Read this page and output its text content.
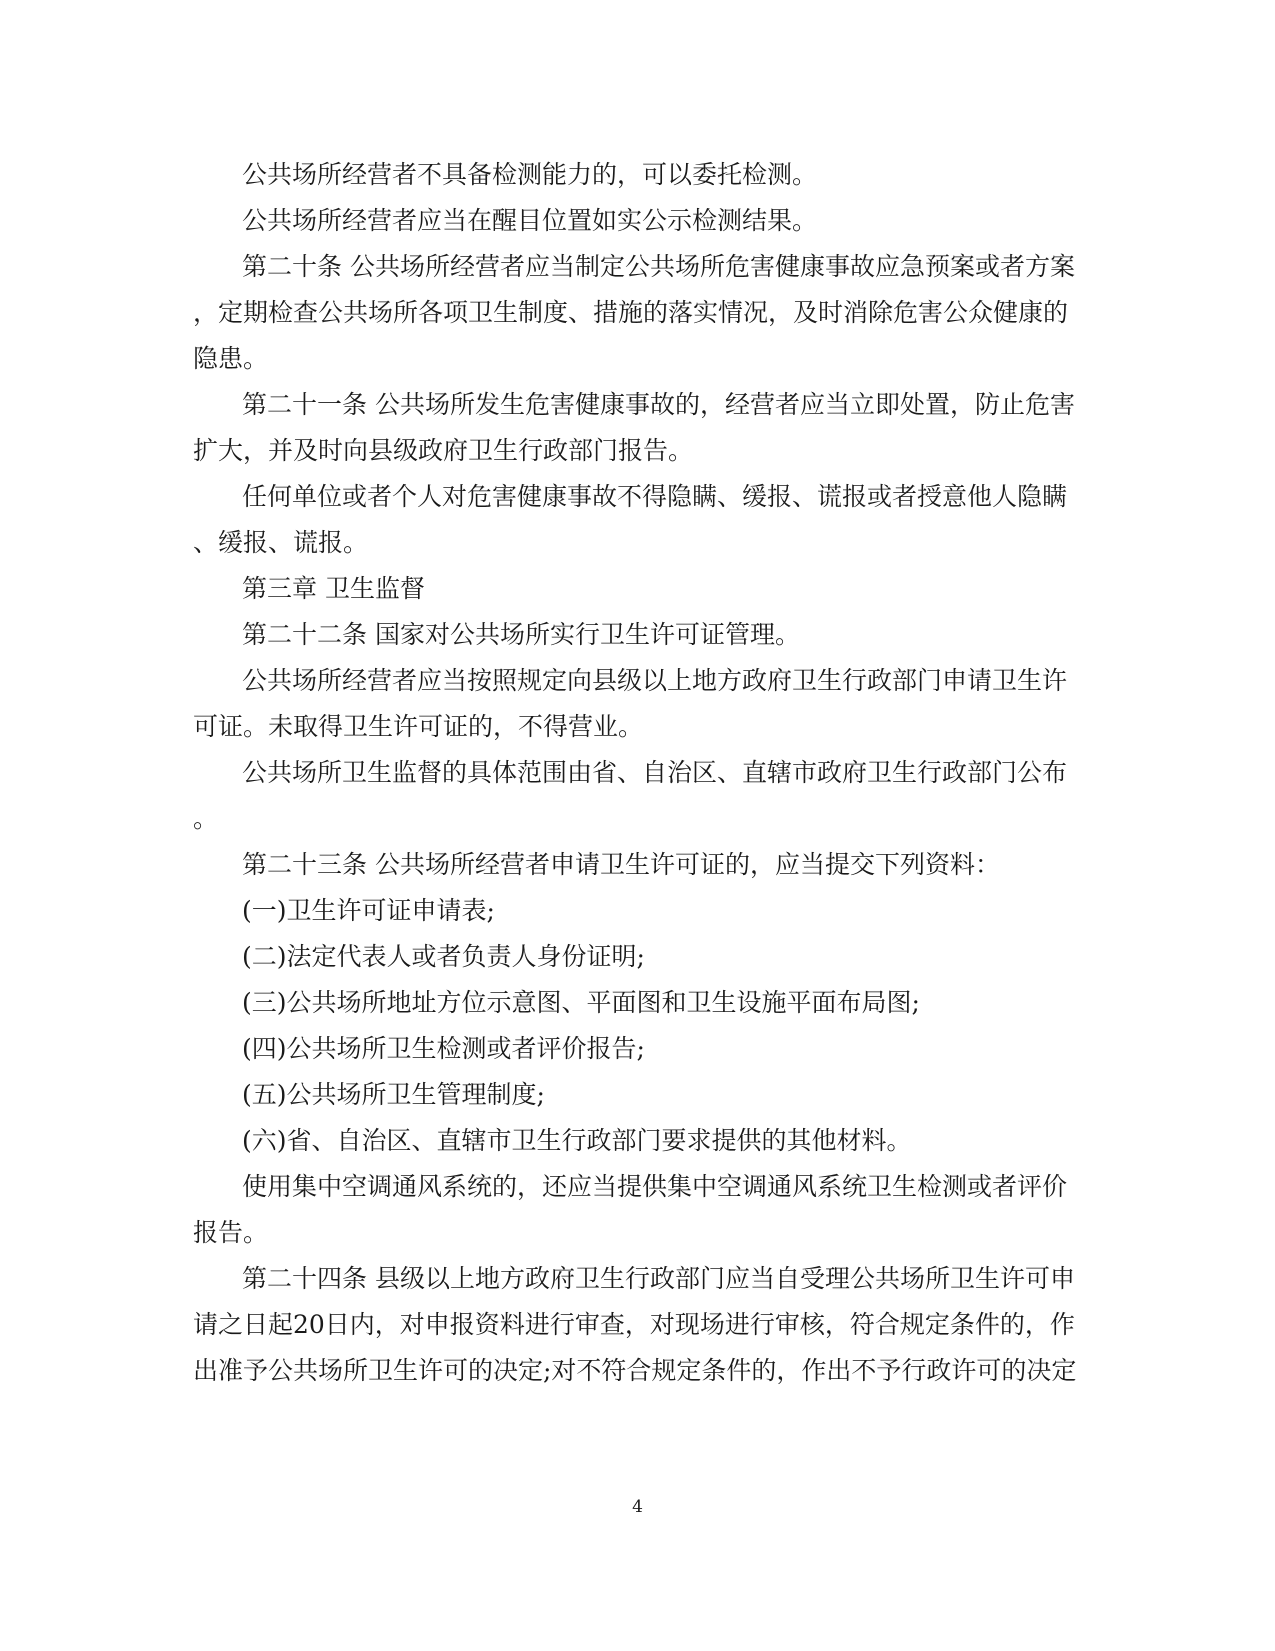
公共场所经营者不具备检测能力的，可以委托检测。
公共场所经营者应当在醒目位置如实公示检测结果。
第二十条 公共场所经营者应当制定公共场所危害健康事故应急预案或者方案
，定期检查公共场所各项卫生制度、措施的落实情况，及时消除危害公众健康的
隐患。
第二十一条 公共场所发生危害健康事故的，经营者应当立即处置，防止危害
扩大，并及时向县级政府卫生行政部门报告。
任何单位或者个人对危害健康事故不得隐瞒、缓报、谎报或者授意他人隐瞒
、缓报、谎报。
第三章 卫生监督
第二十二条 国家对公共场所实行卫生许可证管理。
公共场所经营者应当按照规定向县级以上地方政府卫生行政部门申请卫生许
可证。未取得卫生许可证的，不得营业。
公共场所卫生监督的具体范围由省、自治区、直辖市政府卫生行政部门公布
。
第二十三条 公共场所经营者申请卫生许可证的，应当提交下列资料：
(一)卫生许可证申请表;
(二)法定代表人或者负责人身份证明;
(三)公共场所地址方位示意图、平面图和卫生设施平面布局图;
(四)公共场所卫生检测或者评价报告;
(五)公共场所卫生管理制度;
(六)省、自治区、直辖市卫生行政部门要求提供的其他材料。
使用集中空调通风系统的，还应当提供集中空调通风系统卫生检测或者评价
报告。
第二十四条 县级以上地方政府卫生行政部门应当自受理公共场所卫生许可申
请之日起20日内，对申报资料进行审查，对现场进行审核，符合规定条件的，作
出准予公共场所卫生许可的决定;对不符合规定条件的，作出不予行政许可的决定
4
